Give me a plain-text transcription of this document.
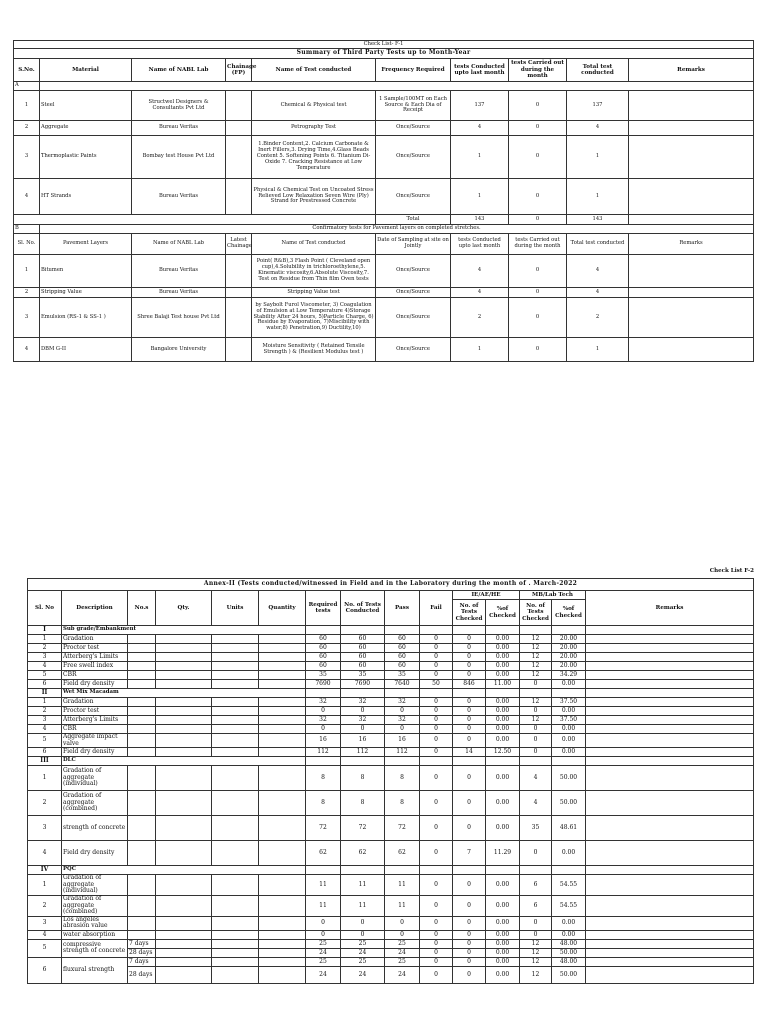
Check List- F-1									
Summary of Third Party Tests up to Month-Year									
S.No.	Material	Name of NABL Lab	Chainage (FP)	Name of Test conducted	Frequency Required	tests Conducted upto last month	tests Carried out during the month	Total test conducted	Remarks
A									
1	Steel	Structwel Designers & Consultants Pvt Ltd		Chemical & Physical test	1 Sample/100MT on Each Source & Each Dia of Receipt	137	0	137	
2	Aggregate	Bureau Veritas		Petrography Test	Once/Source	4	0	4	
3	Thermoplastic Paints	Bombay test House Pvt Ltd		1.Binder Content,2. Calcium Carbonate & Inert Fillers,3. Drying Time,4.Glass Beads Content 5. Softening Points 6. Titanium Di-Oxide 7. Cracking Resistance at Low Temperature	Once/Source	1	0	1	
4	HT Strands	Bureau Veritas		Physical & Chemical Test on Uncoated Stress Relieved Low Relaxation Seven Wire (Ply) Strand for Prestressed Concrete	Once/Source	1	0	1	
					Total	143	0	143	
B	Confirmatory tests for Pavement layers on completed stretches.								
Sl. No.	Pavement Layers	Name of NABL Lab	Latest Chainage	Name of Test conducted	Date of Sampling at site on Jointly	tests Conducted upto last month	tests Carried out during the month	Total test conducted	Remarks
1	Bitumen	Bureau Veritas		Point( R&B),3 Flash Point ( Cleveland open cup),4.Solubility in trichloroethylene,5. Kinematic viscosity,6.Absolute Viscosity,7. Test on Residue from Thin film Oven tests	Once/Source	4	0	4	
2	Stripping Value	Bureau Veritas		Stripping Value test	Once/Source	4	0	4	
3	Emulsion (RS-1 & SS-1 )	Shree Balaji Test house Pvt Ltd		by Saybolt Furol Viscometer, 3) Coagulation of Emulsion at Low Temperature 4)Storage Stability After 24 hours, 5)Particle Charge, 6) Residue by Evaporation, 7)Miscibility with water,8) Penetration,9) Ductility,10)	Once/Source	2	0	2	
4	DBM G-II	Bangalore University		Moisture Sensitivity ( Retained Tensile Strength ) & (Resilient Modulus test )	Once/Source	1	0	1	
Check List F-2
Annex-II (Tests conducted/witnessed in Field and in the Laboratory during the month of . March-2022														
Sl. No	Description	No.s	Qty.	Units	Quantity	Required tests	No. of Tests Conducted	Pass	Fail	IE/AE/HE		MB/Lab Tech		Remarks
										No. of Tests Checked	%of Checked	No. of Tests Checked	%of Checked	
I	Sub grade/Embankment													
1	Gradation					60	60	60	0	0	0.00	12	20.00	
2	Proctor test					60	60	60	0	0	0.00	12	20.00	
3	Atterberg's Limits					60	60	60	0	0	0.00	12	20.00	
4	Free swell index					60	60	60	0	0	0.00	12	20.00	
5	CBR					35	35	35	0	0	0.00	12	34.29	
6	Field dry density					7690	7690	7640	50	846	11.00	0	0.00	
II	Wet Mix Macadam													
1	Gradation					32	32	32	0	0	0.00	12	37.50	
2	Proctor test					0	0	0	0	0	0.00	0	0.00	
3	Atterberg's Limits					32	32	32	0	0	0.00	12	37.50	
4	CBR					0	0	0	0	0	0.00	0	0.00	
5	Aggregate impact valve					16	16	16	0	0	0.00	0	0.00	
6	Field dry density					112	112	112	0	14	12.50	0	0.00	
III	DLC													
1	Gradation of aggregate (individual)					8	8	8	0	0	0.00	4	50.00	
2	Gradation of aggregate (combined)					8	8	8	0	0	0.00	4	50.00	
3	strength of concrete					72	72	72	0	0	0.00	35	48.61	
4	Field dry density					62	62	62	0	7	11.29	0	0.00	
IV	PQC													
1	Gradation of aggregate (individual)					11	11	11	0	0	0.00	6	54.55	
2	Gradation of aggregate (combined)					11	11	11	0	0	0.00	6	54.55	
3	Los angeles abrasion value					0	0	0	0	0	0.00	0	0.00	
4	water absorption					0	0	0	0	0	0.00	0	0.00	
5	compressive strength of concrete	7 days				25	25	25	0	0	0.00	12	48.00	
		28 days				24	24	24	0	0	0.00	12	50.00	
6	fluxural strength	7 days				25	25	25	0	0	0.00	12	48.00	
		28 days				24	24	24	0	0	0.00	12	50.00	
